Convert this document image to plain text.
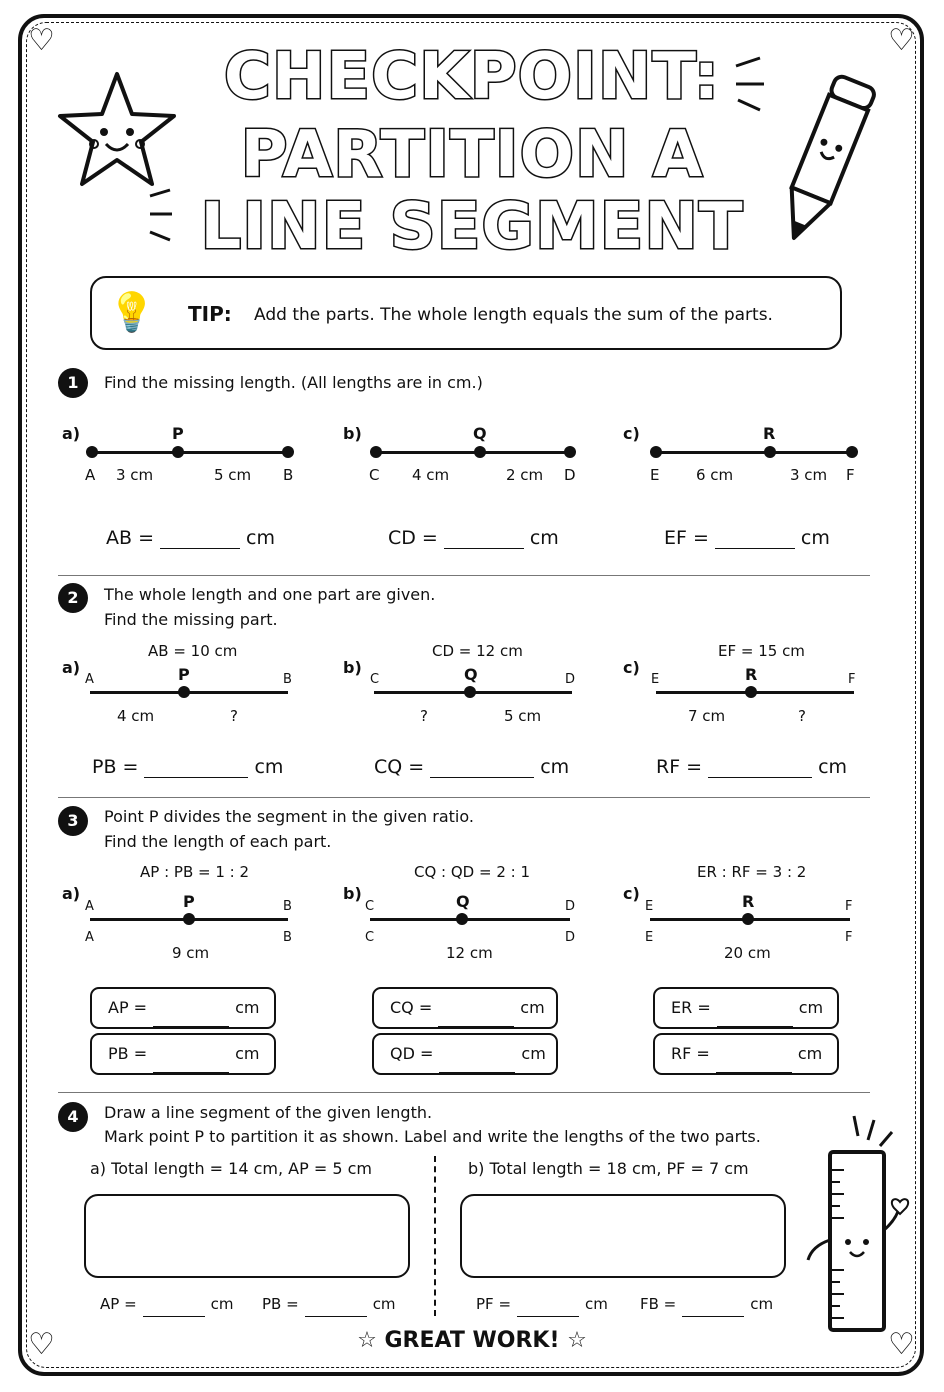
♡	♡
♡	♡
CHECKPOINT:
PARTITION A
LINE SEGMENT
💡 TIP: Add the parts. The whole length equals the sum of the parts.
1	Find the missing length. (All lengths are in cm.)
a)	P
A 3 cm	5 cm B
AB =	cm
b)	Q
C 4 cm	2 cm D
CD =	cm
c)	R
E 6 cm	3 cm F
EF =	cm
2	The whole length and one part are given.
Find the missing part.
AB = 10 cm
a)
A	P	B
4 cm	?
PB =	cm
CD = 12 cm
b)
C	Q	D
?	5 cm
CQ =	cm
EF = 15 cm
c)
E	R	F
7 cm	?
RF =	cm
3	Point P divides the segment in the given ratio.
Find the length of each part.
AP : PB = 1 : 2
a)
A	P	B
A	B
9 cm
AP =	cm
PB =	cm
CQ : QD = 2 : 1
b)
C	Q	D
C	D
12 cm
CQ =	cm
QD =	cm
ER : RF = 3 : 2
c)
E	R	F
E	F
20 cm
ER =	cm
RF =	cm
4	Draw a line segment of the given length.
Mark point P to partition it as shown. Label and write the lengths of the two parts.
a) Total length = 14 cm, AP = 5 cm	b) Total length = 18 cm, PF = 7 cm
AP =	cm PB =	cm	PF =	cm FB =	cm
☆ GREAT WORK! ☆
